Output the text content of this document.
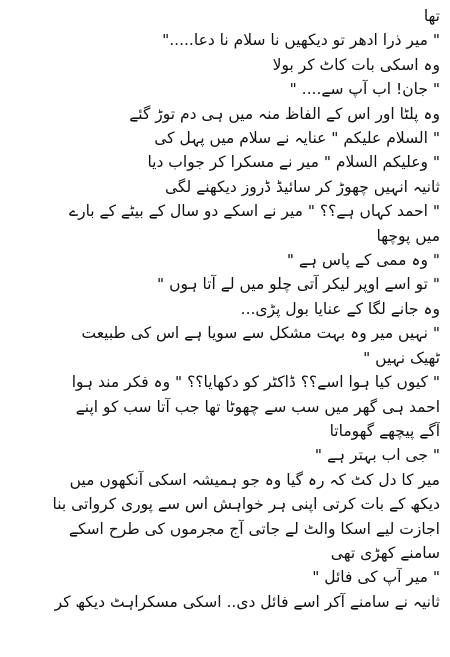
تھا
" میر ذرا ادھر تو دیکھیں نا سلام نا دعا....."
وہ اسکی بات کاٹ کر بولا
" جان! اب آپ سے.... "
وہ پلٹا اور اس کے الفاظ منہ میں ہی دم توڑ گئے
" السلام علیکم " عنایہ نے سلام میں پہل کی
" وعلیکم السلام " میر نے مسکرا کر جواب دیا
ثانیہ انہیں چھوڑ کر سائیڈ ڈروز دیکھنے لگی
" احمد کہاں ہے؟؟ " میر نے اسکے دو سال کے بیٹے کے بارے
میں پوچھا
" وہ ممی کے پاس ہے "
" تو اسے اوپر لیکر آتی چلو میں لے آتا ہوں "
وہ جانے لگا کے عنایا بول پڑی...
" نہیں میر وہ بہت مشکل سے سویا ہے اس کی طبیعت
ٹھیک نہیں "
" کیوں کیا ہوا اسے؟؟ ڈاکٹر کو دکھایا؟؟ " وہ فکر مند ہوا
احمد ہی گھر میں سب سے چھوٹا تھا جب آتا سب کو اپنے
آگے پیچھے گھوماتا
" جی اب بہتر ہے "
میر کا دل کٹ کہ رہ گیا وہ جو ہمیشہ اسکی آنکھوں میں
دیکھ کے بات کرتی اپنی ہر خواہش اس سے پوری کرواتی بنا
اجازت لیے اسکا والٹ لے جاتی آج مجرموں کی طرح اسکے
سامنے کھڑی تھی
" میر آپ کی فائل "
ثانیہ نے سامنے آکر اسے فائل دی.. اسکی مسکراہٹ دیکھ کر
